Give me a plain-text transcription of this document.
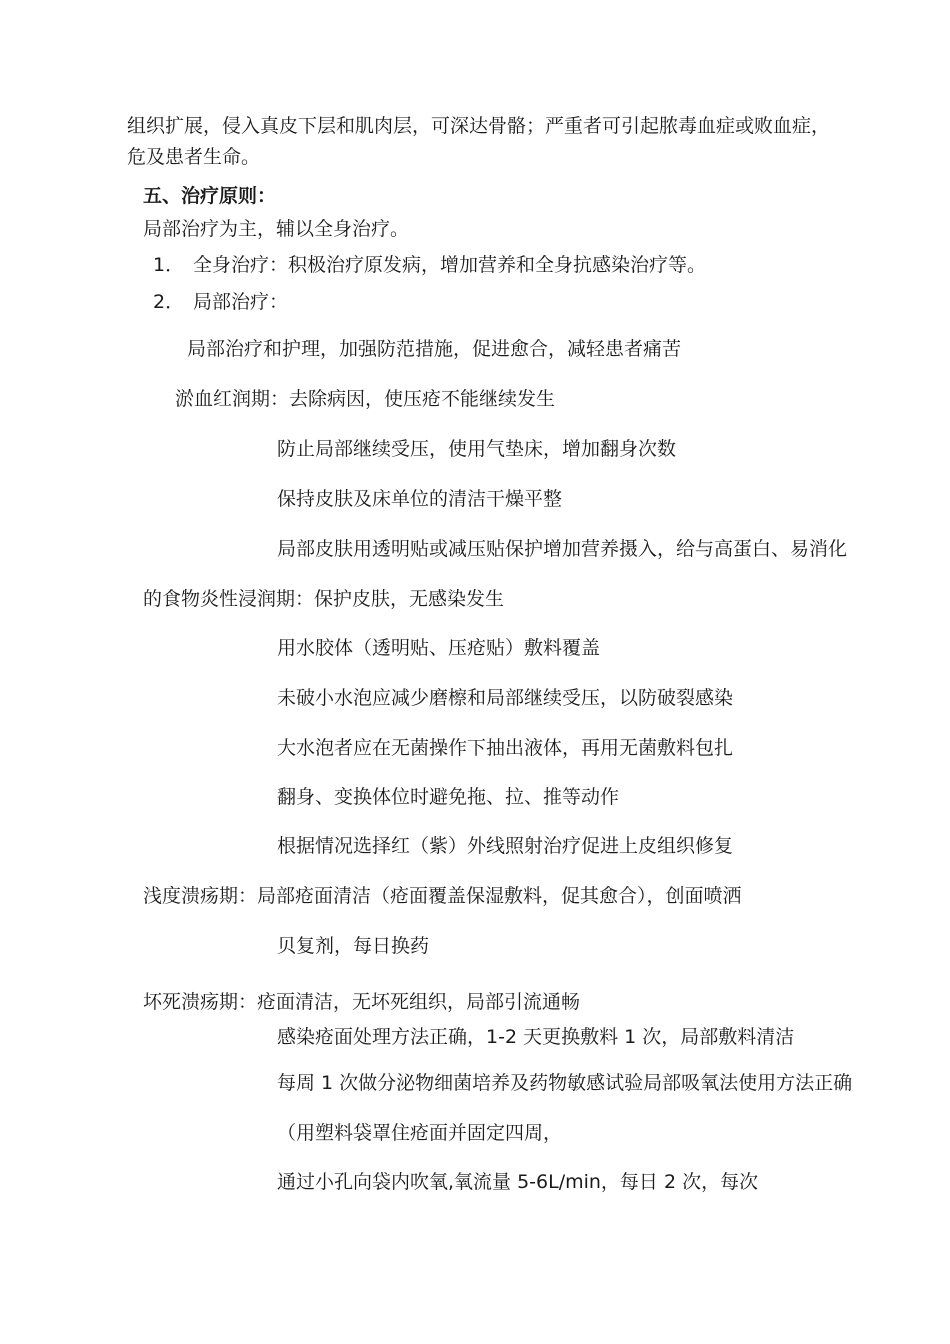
组织扩展，侵入真皮下层和肌肉层，可深达骨骼；严重者可引起脓毒血症或败血症，
危及患者生命。
五、治疗原则：
局部治疗为主，辅以全身治疗。
1． 全身治疗：积极治疗原发病，增加营养和全身抗感染治疗等。
2． 局部治疗：
局部治疗和护理，加强防范措施，促进愈合，减轻患者痛苦
淤血红润期：去除病因，使压疮不能继续发生
防止局部继续受压，使用气垫床，增加翻身次数
保持皮肤及床单位的清洁干燥平整
局部皮肤用透明贴或减压贴保护增加营养摄入，给与高蛋白、易消化
的食物炎性浸润期：保护皮肤，无感染发生
用水胶体（透明贴、压疮贴）敷料覆盖
未破小水泡应减少磨檫和局部继续受压，以防破裂感染
大水泡者应在无菌操作下抽出液体，再用无菌敷料包扎
翻身、变换体位时避免拖、拉、推等动作
根据情况选择红（紫）外线照射治疗促进上皮组织修复
浅度溃疡期：局部疮面清洁（疮面覆盖保湿敷料，促其愈合），创面喷洒
贝复剂，每日换药
坏死溃疡期：疮面清洁，无坏死组织，局部引流通畅
感染疮面处理方法正确，1-2 天更换敷料 1 次，局部敷料清洁
每周 1 次做分泌物细菌培养及药物敏感试验局部吸氧法使用方法正确
（用塑料袋罩住疮面并固定四周，
通过小孔向袋内吹氧,氧流量 5-6L/min，每日 2 次，每次
